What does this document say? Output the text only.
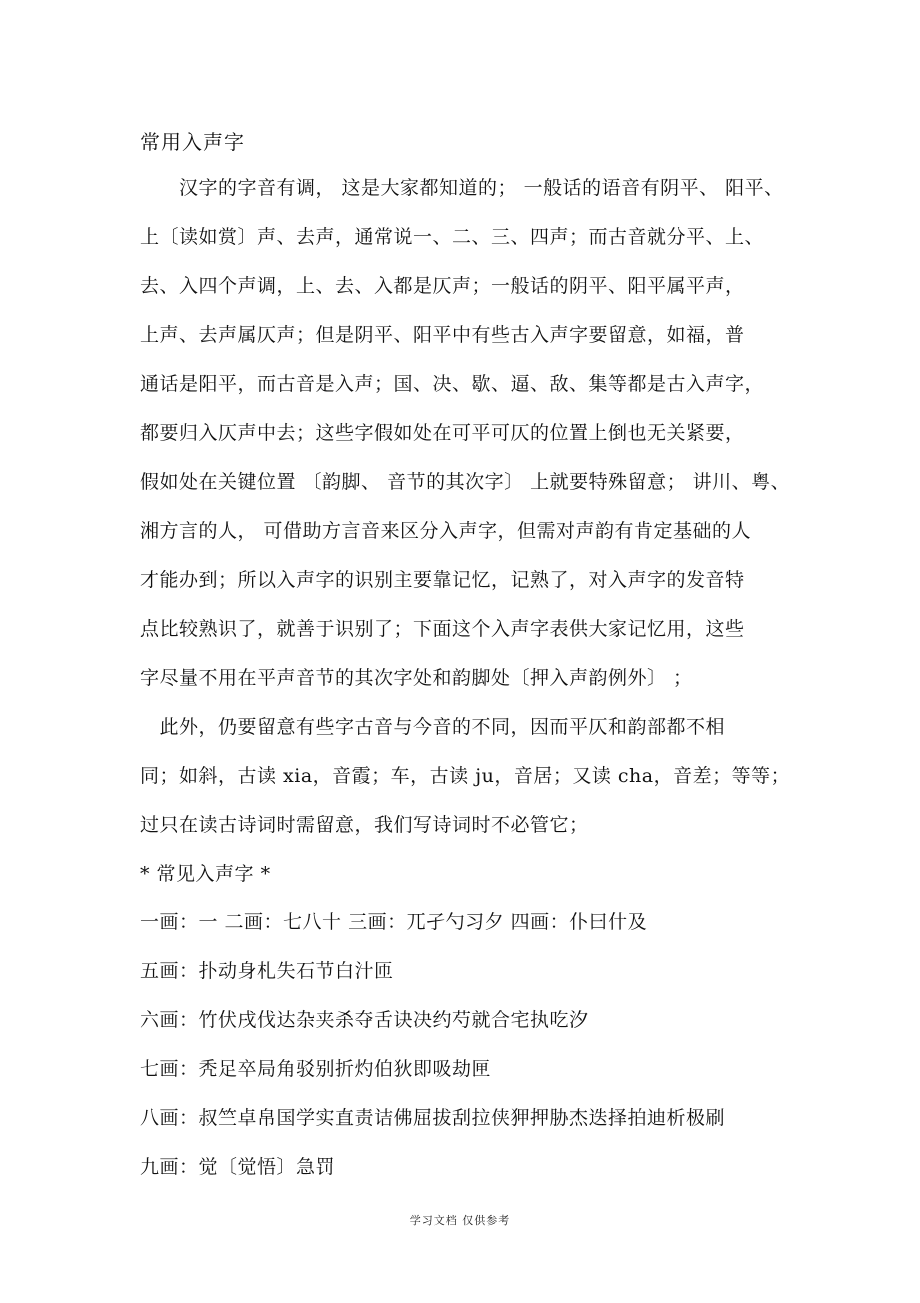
常用入声字
　　汉字的字音有调， 这是大家都知道的； 一般话的语音有阴平、 阳平、
上〔读如赏〕声、去声，通常说一、二、三、四声；而古音就分平、上、
去、入四个声调，上、去、入都是仄声；一般话的阴平、阳平属平声，
上声、去声属仄声；但是阴平、阳平中有些古入声字要留意，如福，普
通话是阳平，而古音是入声；国、决、歇、逼、敌、集等都是古入声字，
都要归入仄声中去；这些字假如处在可平可仄的位置上倒也无关紧要，
假如处在关键位置 〔韵脚、 音节的其次字〕 上就要特殊留意； 讲川、粤、
湘方言的人， 可借助方言音来区分入声字，但需对声韵有肯定基础的人
才能办到；所以入声字的识别主要靠记忆，记熟了，对入声字的发音特
点比较熟识了，就善于识别了；下面这个入声字表供大家记忆用，这些
字尽量不用在平声音节的其次字处和韵脚处〔押入声韵例外〕 ；
　此外，仍要留意有些字古音与今音的不同，因而平仄和韵部都不相
同；如斜，古读 xia，音霞；车，古读 ju，音居；又读 cha，音差；等等；
过只在读古诗词时需留意，我们写诗词时不必管它；
* 常见入声字 *
一画：一 二画：七八十 三画：兀孑勺习夕 四画：仆曰什及
五画：扑动身札失石节白汁匝
六画：竹伏戌伐达杂夹杀夺舌诀决约芍就合宅执吃汐
七画：秃足卒局角驳别折灼伯狄即吸劫匣
八画：叔竺卓帛国学实直责诘佛屈拔刮拉侠狎押胁杰迭择拍迪析极刷
九画：觉〔觉悟〕急罚
学习文档 仅供参考
